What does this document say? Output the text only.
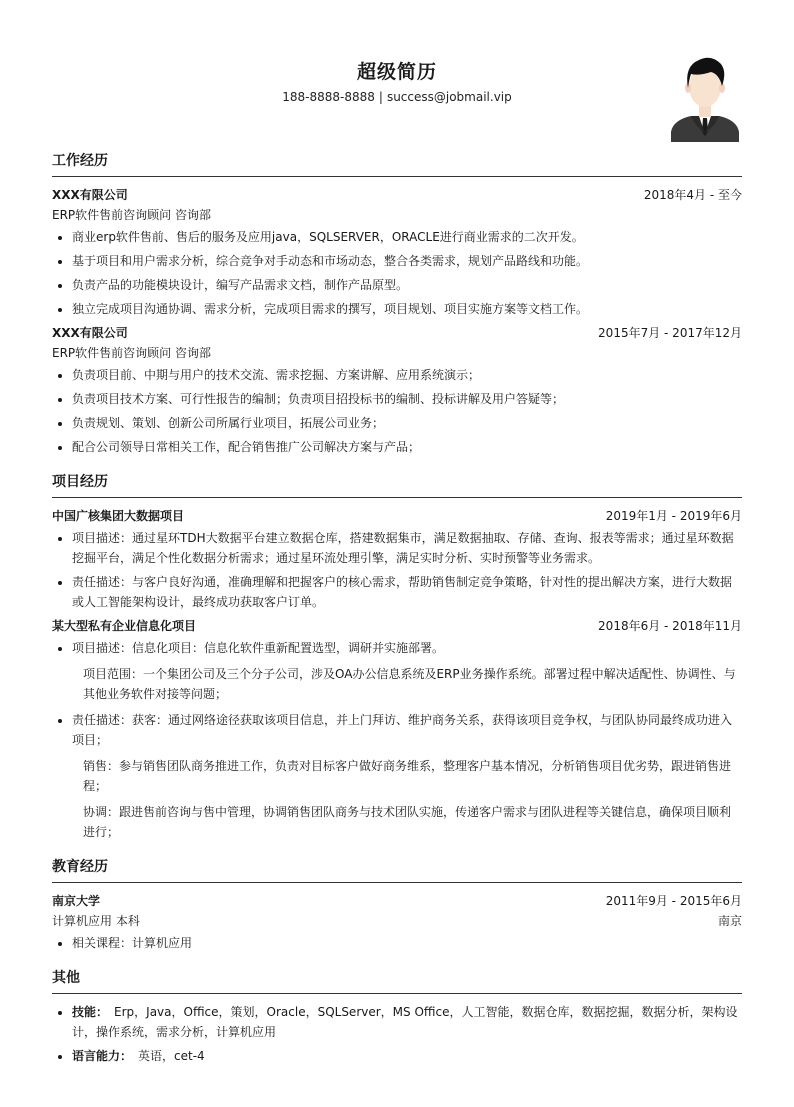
超级简历
188-8888-8888 | success@jobmail.vip
工作经历
XXX有限公司	2018年4月 - 至今
ERP软件售前咨询顾问 咨询部
• 商业erp软件售前、售后的服务及应用java，SQLSERVER，ORACLE进行商业需求的二次开发。
• 基于项目和用户需求分析，综合竞争对手动态和市场动态，整合各类需求，规划产品路线和功能。
• 负责产品的功能模块设计，编写产品需求文档，制作产品原型。
• 独立完成项目沟通协调、需求分析，完成项目需求的撰写，项目规划、项目实施方案等文档工作。
XXX有限公司	2015年7月 - 2017年12月
ERP软件售前咨询顾问 咨询部
• 负责项目前、中期与用户的技术交流、需求挖掘、方案讲解、应用系统演示；
• 负责项目技术方案、可行性报告的编制；负责项目招投标书的编制、投标讲解及用户答疑等；
• 负责规划、策划、创新公司所属行业项目，拓展公司业务；
• 配合公司领导日常相关工作，配合销售推广公司解决方案与产品；
项目经历
中国广核集团大数据项目	2019年1月 - 2019年6月
• 项目描述：通过星环TDH大数据平台建立数据仓库，搭建数据集市，满足数据抽取、存储、查询、报表等需求；通过星环数据挖掘平台，满足个性化数据分析需求；通过星环流处理引擎，满足实时分析、实时预警等业务需求。
• 责任描述：与客户良好沟通，准确理解和把握客户的核心需求，帮助销售制定竞争策略，针对性的提出解决方案，进行大数据或人工智能架构设计，最终成功获取客户订单。
某大型私有企业信息化项目	2018年6月 - 2018年11月
• 项目描述：信息化项目：信息化软件重新配置选型，调研并实施部署。
项目范围：一个集团公司及三个分子公司，涉及OA办公信息系统及ERP业务操作系统。部署过程中解决适配性、协调性、与其他业务软件对接等问题；
• 责任描述：获客：通过网络途径获取该项目信息，并上门拜访、维护商务关系，获得该项目竞争权，与团队协同最终成功进入项目；
销售：参与销售团队商务推进工作，负责对目标客户做好商务维系，整理客户基本情况，分析销售项目优劣势，跟进销售进程；
协调：跟进售前咨询与售中管理，协调销售团队商务与技术团队实施，传递客户需求与团队进程等关键信息，确保项目顺利进行；
教育经历
南京大学	2011年9月 - 2015年6月
计算机应用 本科	南京
• 相关课程：计算机应用
其他
• 技能： Erp，Java，Office，策划，Oracle，SQLServer，MS Office，人工智能，数据仓库，数据挖掘，数据分析，架构设计，操作系统，需求分析，计算机应用
• 语言能力： 英语，cet-4
